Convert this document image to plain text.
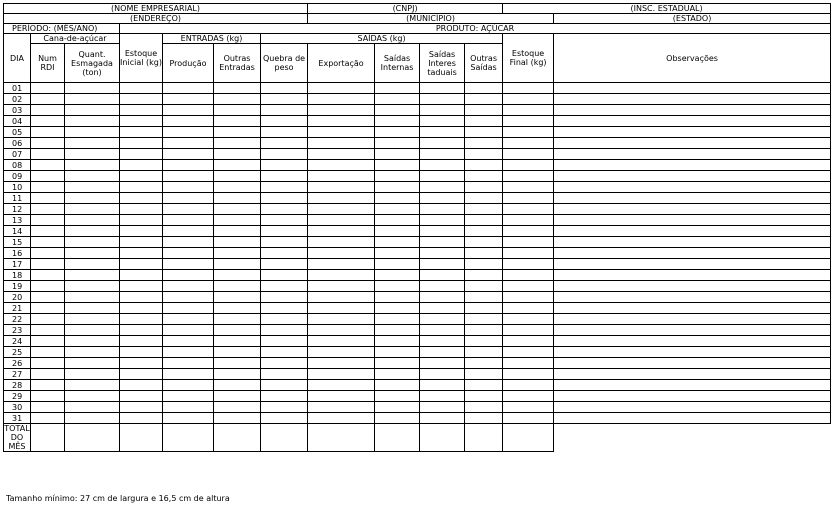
(NOME EMPRESARIAL)							(CNPJ)				(INSC. ESTADUAL)	
(ENDEREÇO)							(MUNICÍPIO)					(ESTADO)
PERÍODO: (MÊS/ANO)			PRODUTO: AÇÚCAR									
DIA	Cana-de-açúcar		Estoque Inicial (kg)	ENTRADAS (kg)		SAÍDAS (kg)					Estoque Final (kg)	Observações
	Num RDI	Quant. Esmagada (ton)		Produção	Outras Entradas	Quebra de peso	Exportação	Saídas Internas	Saídas Interes taduais	Outras Saídas		
01												
02												
03												
04												
05												
06												
07												
08												
09												
10												
11												
12												
13												
14												
15												
16												
17												
18												
19												
20												
21												
22												
23												
24												
25												
26												
27												
28												
29												
30												
31												
TOTAL DO MÊS												
Tamanho mínimo: 27 cm de largura e 16,5 cm de altura
